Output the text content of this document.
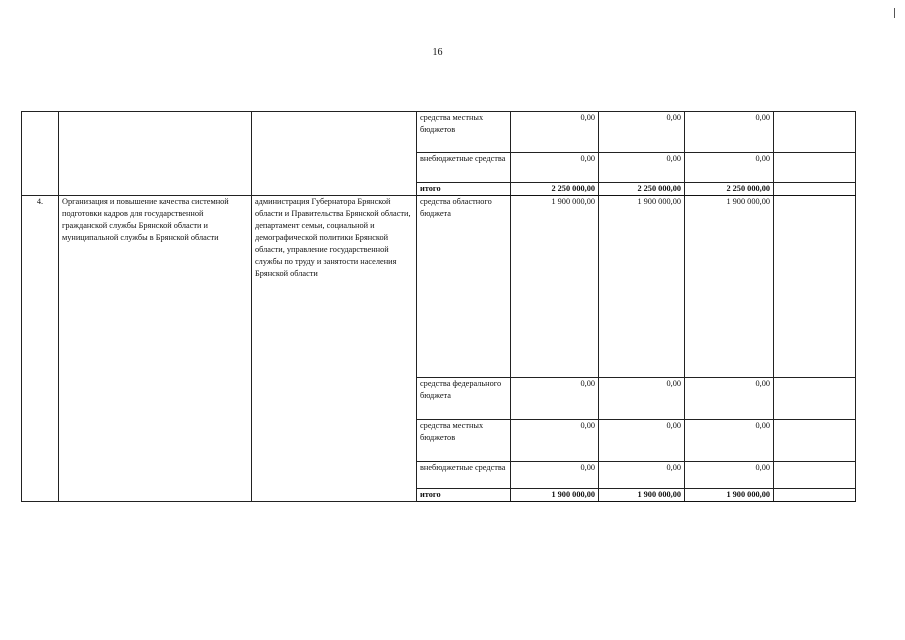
16
			средства местных бюджетов	0,00	0,00	0,00	
			внебюджетные средства	0,00	0,00	0,00	
			итого	2 250 000,00	2 250 000,00	2 250 000,00	
4.	Организация и повышение качества системной подготовки кадров для государственной гражданской службы Брянской области и муниципальной службы в Брянской области	администрация Губернатора Брянской области и Правительства Брянской области, департамент семьи, социальной и демографической политики Брянской области, управление государственной службы по труду и занятости населения Брянской области	средства областного бюджета	1 900 000,00	1 900 000,00	1 900 000,00	
			средства федерального бюджета	0,00	0,00	0,00	
			средства местных бюджетов	0,00	0,00	0,00	
			внебюджетные средства	0,00	0,00	0,00	
			итого	1 900 000,00	1 900 000,00	1 900 000,00	
